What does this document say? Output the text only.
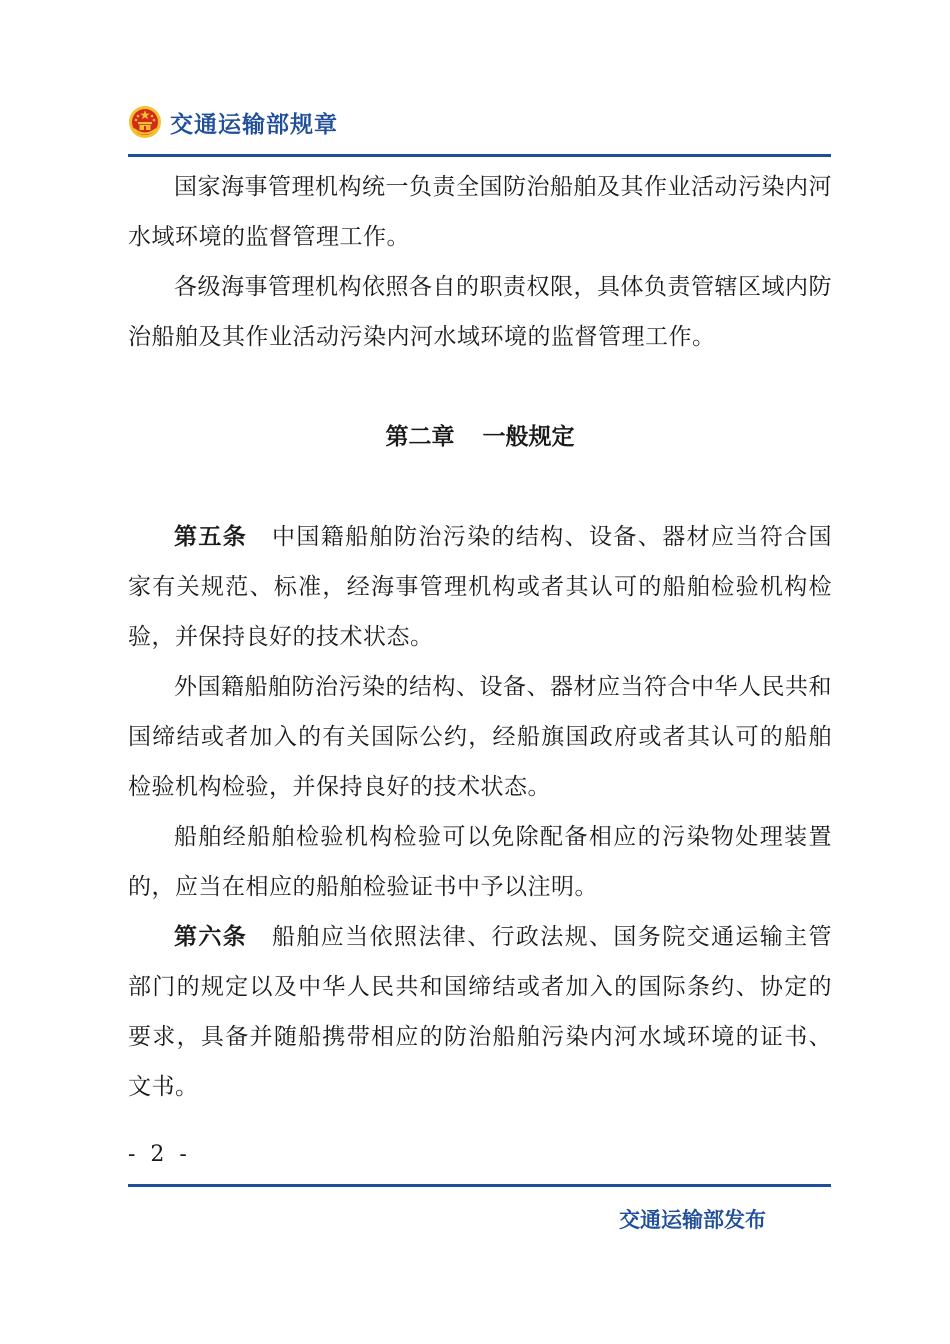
交通运输部规章

国家海事管理机构统一负责全国防治船舶及其作业活动污染内河水域环境的监督管理工作。

各级海事管理机构依照各自的职责权限，具体负责管辖区域内防治船舶及其作业活动污染内河水域环境的监督管理工作。

第二章 一般规定

第五条 中国籍船舶防治污染的结构、设备、器材应当符合国家有关规范、标准，经海事管理机构或者其认可的船舶检验机构检验，并保持良好的技术状态。

外国籍船舶防治污染的结构、设备、器材应当符合中华人民共和国缔结或者加入的有关国际公约，经船旗国政府或者其认可的船舶检验机构检验，并保持良好的技术状态。

船舶经船舶检验机构检验可以免除配备相应的污染物处理装置的，应当在相应的船舶检验证书中予以注明。

第六条 船舶应当依照法律、行政法规、国务院交通运输主管部门的规定以及中华人民共和国缔结或者加入的国际条约、协定的要求，具备并随船携带相应的防治船舶污染内河水域环境的证书、文书。

- 2 -
交通运输部发布
